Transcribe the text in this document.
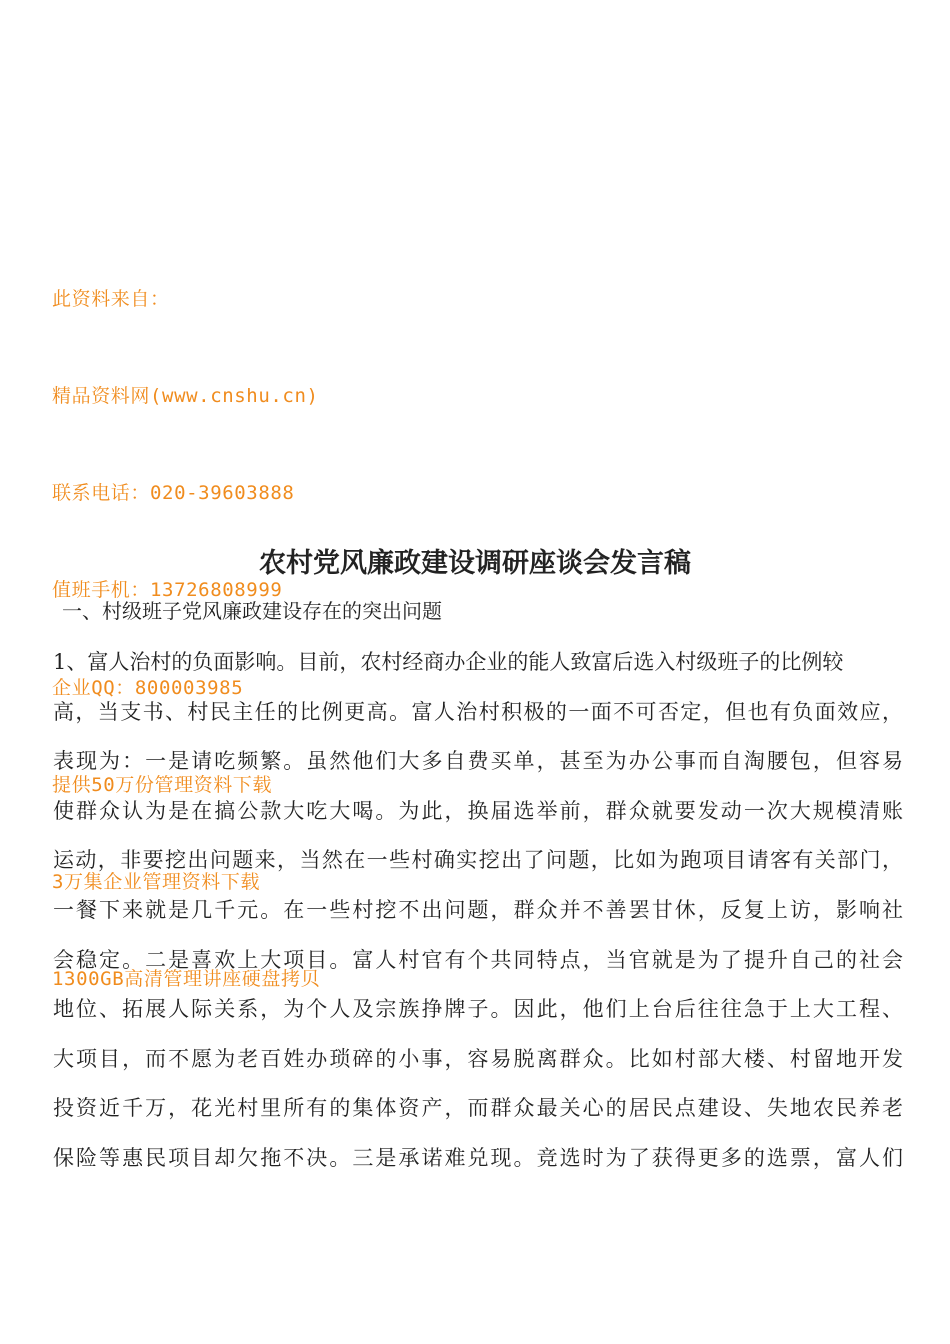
此资料来自：

精品资料网(www.cnshu.cn)

联系电话：020-39603888

值班手机：13726808999

企业QQ：800003985

提供50万份管理资料下载

3万集企业管理资料下载

1300GB高清管理讲座硬盘拷贝

农村党风廉政建设调研座谈会发言稿
一、村级班子党风廉政建设存在的突出问题
1、富人治村的负面影响。目前，农村经商办企业的能人致富后选入村级班子的比例较
高，当支书、村民主任的比例更高。富人治村积极的一面不可否定，但也有负面效应，
表现为：一是请吃频繁。虽然他们大多自费买单，甚至为办公事而自淘腰包，但容易
使群众认为是在搞公款大吃大喝。为此，换届选举前，群众就要发动一次大规模清账
运动，非要挖出问题来，当然在一些村确实挖出了问题，比如为跑项目请客有关部门，
一餐下来就是几千元。在一些村挖不出问题，群众并不善罢甘休，反复上访，影响社
会稳定。二是喜欢上大项目。富人村官有个共同特点，当官就是为了提升自己的社会
地位、拓展人际关系，为个人及宗族挣牌子。因此，他们上台后往往急于上大工程、
大项目，而不愿为老百姓办琐碎的小事，容易脱离群众。比如村部大楼、村留地开发
投资近千万，花光村里所有的集体资产，而群众最关心的居民点建设、失地农民养老
保险等惠民项目却欠拖不决。三是承诺难兑现。竞选时为了获得更多的选票，富人们
